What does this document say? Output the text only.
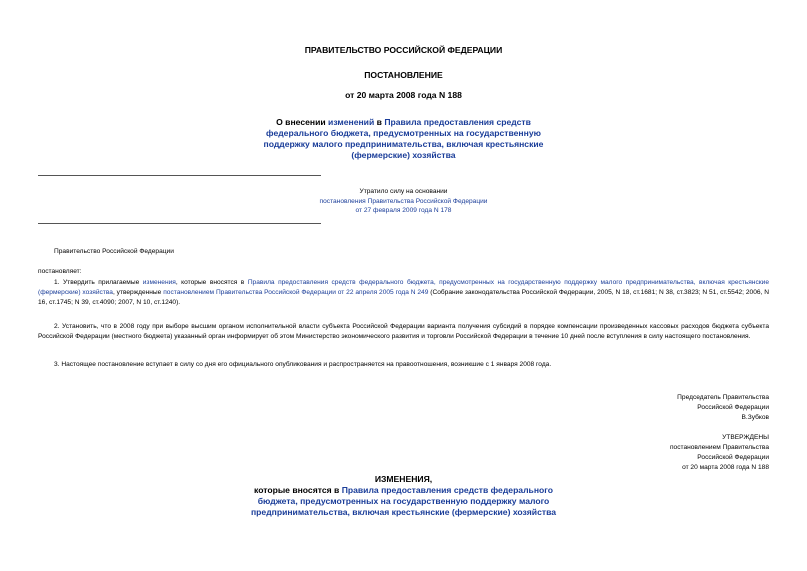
ПРАВИТЕЛЬСТВО РОССИЙСКОЙ ФЕДЕРАЦИИ
ПОСТАНОВЛЕНИЕ
от 20 марта 2008 года N 188
О внесении изменений в Правила предоставления средств
федерального бюджета, предусмотренных на государственную
поддержку малого предпринимательства, включая крестьянские
(фермерские) хозяйства
Утратило силу на основании
постановления Правительства Российской Федерации
от 27 февраля 2009 года N 178
Правительство Российской Федерации
постановляет:
1. Утвердить прилагаемые изменения, которые вносятся в Правила предоставления средств федерального бюджета, предусмотренных на государственную поддержку малого предпринимательства, включая крестьянские (фермерские) хозяйства, утвержденные постановлением Правительства Российской Федерации от 22 апреля 2005 года N 249 (Собрание законодательства Российской Федерации, 2005, N 18, ст.1681; N 38, ст.3823; N 51, ст.5542; 2006, N 16, ст.1745; N 39, ст.4090; 2007, N 10, ст.1240).
2. Установить, что в 2008 году при выборе высшим органом исполнительной власти субъекта Российской Федерации варианта получения субсидий в порядке компенсации произведенных кассовых расходов бюджета субъекта Российской Федерации (местного бюджета) указанный орган информирует об этом Министерство экономического развития и торговли Российской Федерации в течение 10 дней после вступления в силу настоящего постановления.
3. Настоящее постановление вступает в силу со дня его официального опубликования и распространяется на правоотношения, возникшие с 1 января 2008 года.
Председатель Правительства
Российской Федерации
В.Зубков
УТВЕРЖДЕНЫ
постановлением Правительства
Российской Федерации
от 20 марта 2008 года N 188
ИЗМЕНЕНИЯ,
которые вносятся в Правила предоставления средств федерального
бюджета, предусмотренных на государственную поддержку малого
предпринимательства, включая крестьянские (фермерские) хозяйства
